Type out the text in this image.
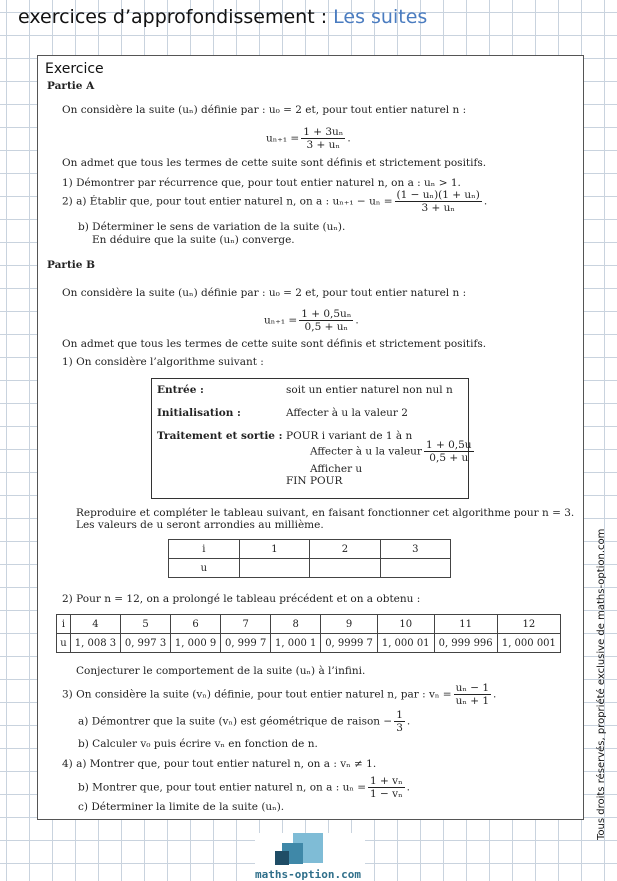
exercices d’approfondissement : Les suites
Exercice
Partie A
On considère la suite (uₙ) définie par : u₀ = 2 et, pour tout entier naturel n :
$u_{n+1} = \frac{\text{1 + 3uₙ}}{\text{3 + uₙ}}$ .
On admet que tous les termes de cette suite sont définis et strictement positifs.
1) Démontrer par récurrence que, pour tout entier naturel n, on a : uₙ > 1.
2) a) Établir que, pour tout entier naturel n, on a : $u_{n+1} - u_n = \frac{\text{(1 − uₙ)(1 + uₙ)}}{\text{3 + uₙ}}$ .
b) Déterminer le sens de variation de la suite (uₙ).
En déduire que la suite (uₙ) converge.
Partie B
On considère la suite (uₙ) définie par : u₀ = 2 et, pour tout entier naturel n :
$u_{n+1} = \frac{\text{1 + 0,5uₙ}}{\text{0,5 + uₙ}}$ .
On admet que tous les termes de cette suite sont définis et strictement positifs.
1) On considère l’algorithme suivant :
Entrée :	soit un entier naturel non nul n
Initialisation :	Affecter à u la valeur 2
Traitement et sortie : POUR i variant de 1 à n
Affecter à u la valeur $\frac{1 + 0,5u}{0,5 + u}$
Afficher u
FIN POUR
Reproduire et compléter le tableau suivant, en faisant fonctionner cet algorithme pour n = 3.
Les valeurs de u seront arrondies au millième.
i	1	2	3
u			
2) Pour n = 12, on a prolongé le tableau précédent et on a obtenu :
i	4	5	6	7	8	9	10	11	12
u	1, 008 3	0, 997 3	1, 000 9	0, 999 7	1, 000 1	0, 9999 7	1, 000 01	0, 999 996	1, 000 001
Conjecturer le comportement de la suite (uₙ) à l’infini.
3) On considère la suite (vₙ) définie, pour tout entier naturel n, par : $v_n = \frac{\text{uₙ − 1}}{\text{uₙ + 1}}$ .
a) Démontrer que la suite (vₙ) est géométrique de raison − $\frac{1}{3}$ .
b) Calculer v₀ puis écrire vₙ en fonction de n.
4) a) Montrer que, pour tout entier naturel n, on a : vₙ ≠ 1.
b) Montrer que, pour tout entier naturel n, on a : $u_n = \frac{\text{1 + vₙ}}{\text{1 − vₙ}}$ .
c) Déterminer la limite de la suite (uₙ).	Tous droits réservés, propriété exclusive de maths-option.com
maths-option.com
